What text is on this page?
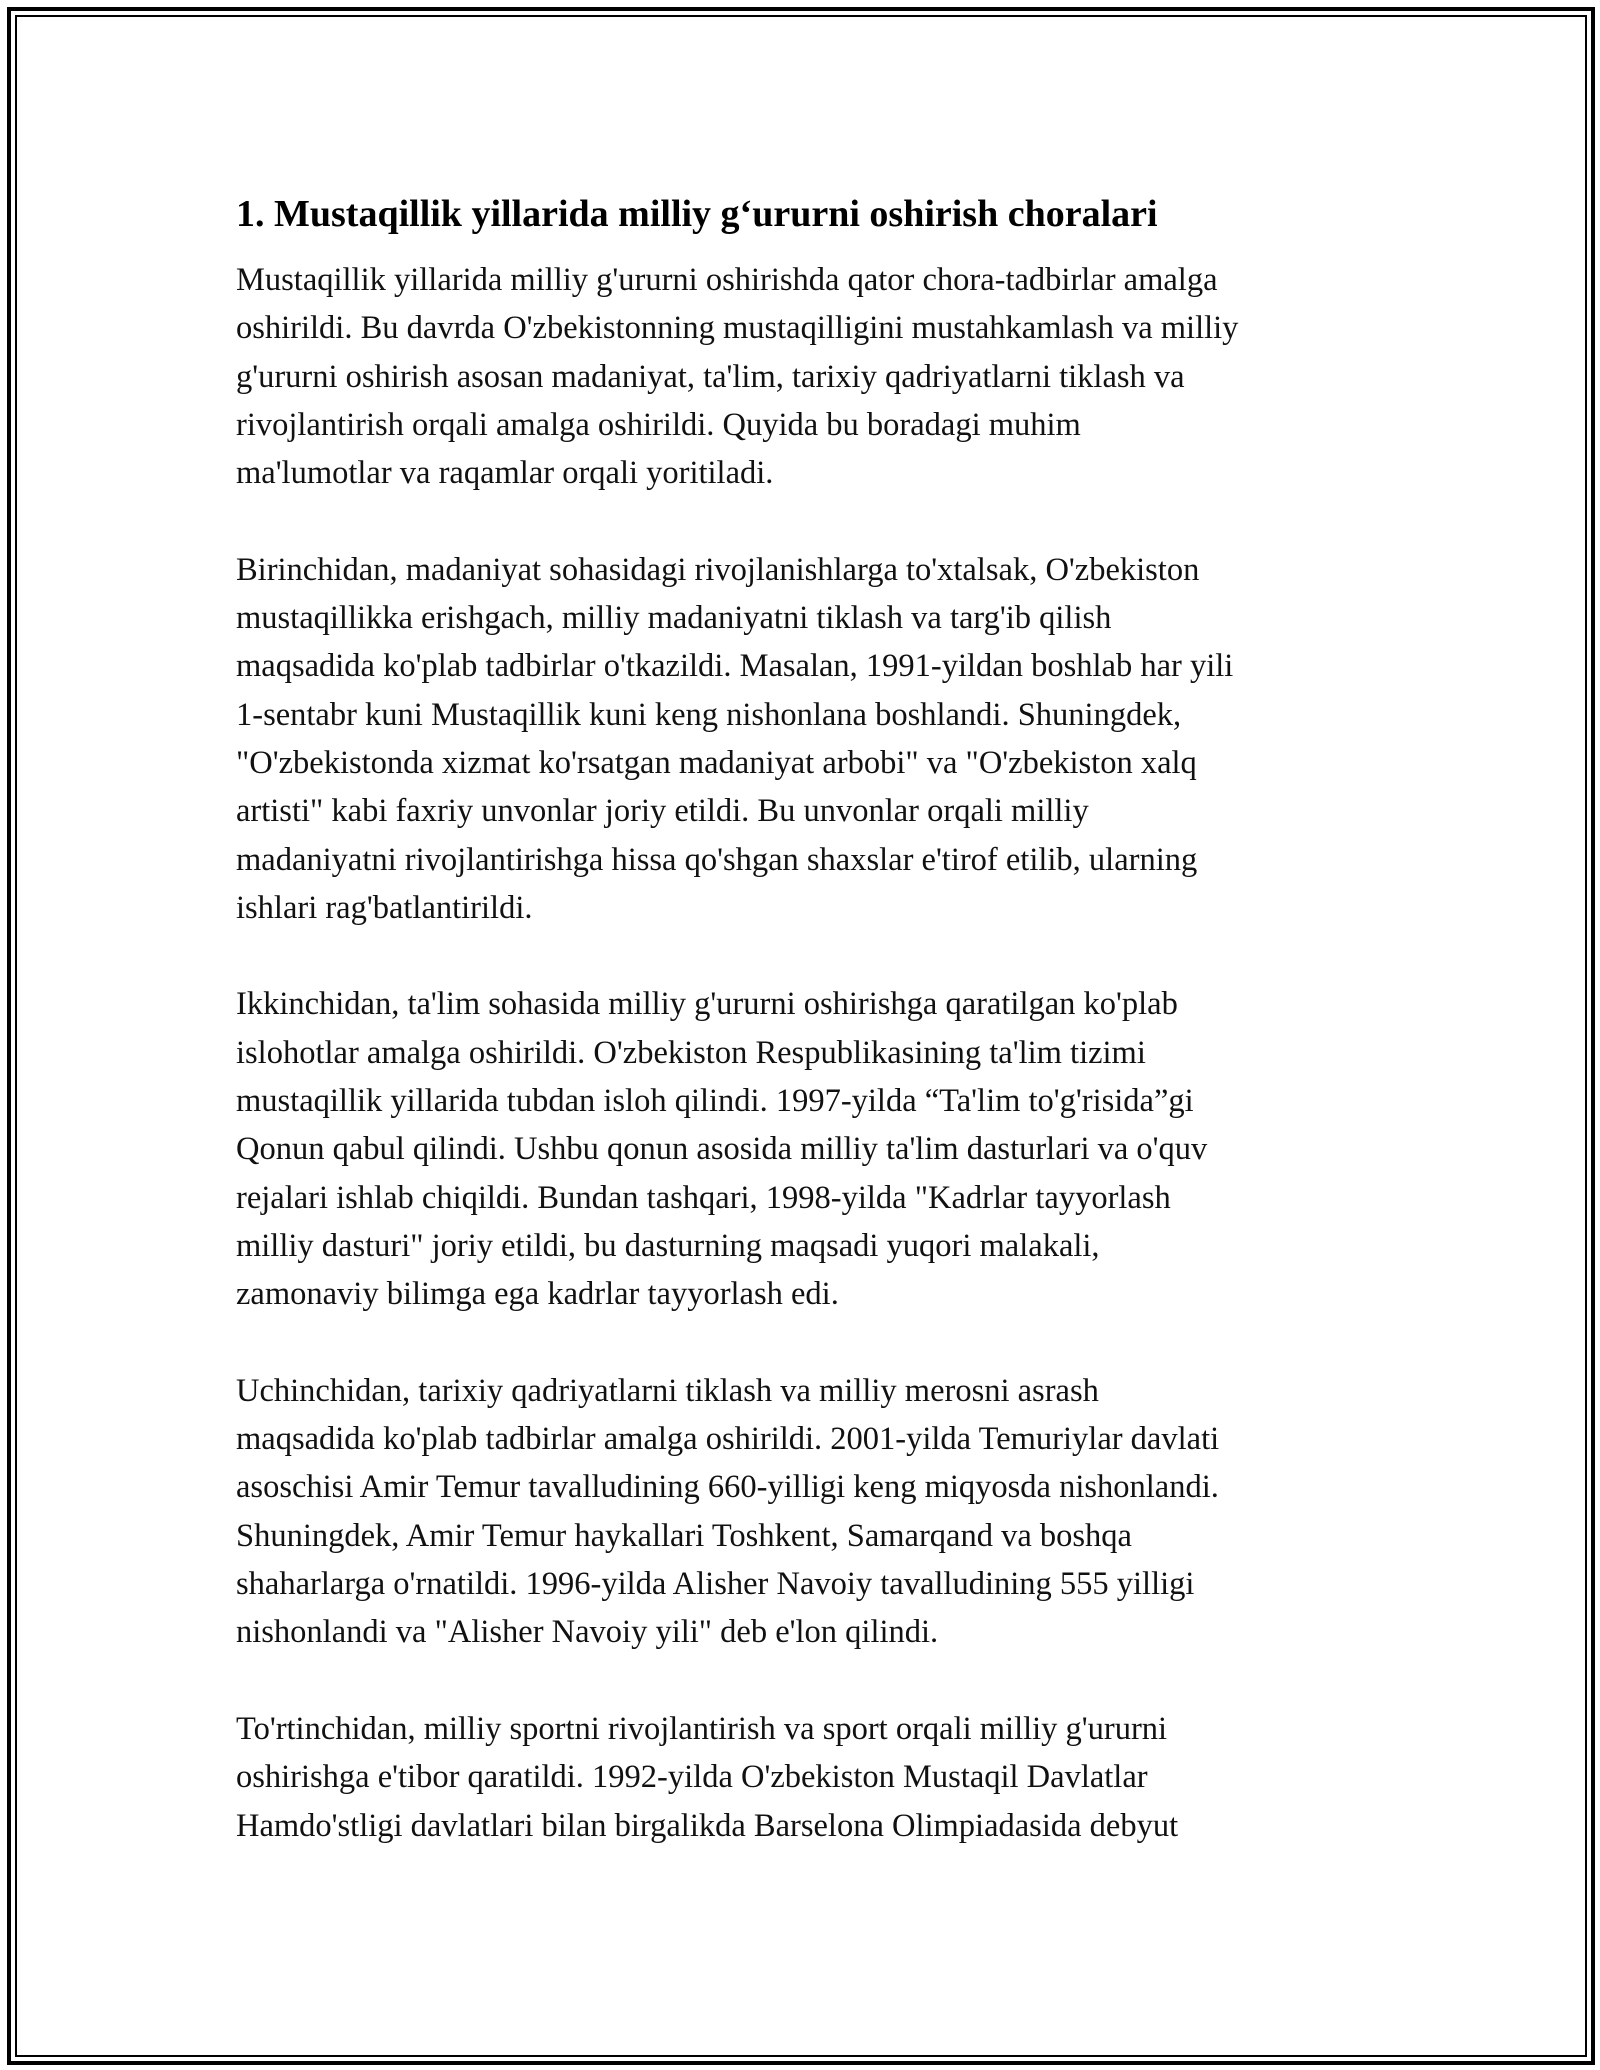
1. Mustaqillik yillarida milliy g‘ururni oshirish choralari

Mustaqillik yillarida milliy g'ururni oshirishda qator chora-tadbirlar amalga
oshirildi. Bu davrda O'zbekistonning mustaqilligini mustahkamlash va milliy
g'ururni oshirish asosan madaniyat, ta'lim, tarixiy qadriyatlarni tiklash va
rivojlantirish orqali amalga oshirildi. Quyida bu boradagi muhim
ma'lumotlar va raqamlar orqali yoritiladi.

Birinchidan, madaniyat sohasidagi rivojlanishlarga to'xtalsak, O'zbekiston
mustaqillikka erishgach, milliy madaniyatni tiklash va targ'ib qilish
maqsadida ko'plab tadbirlar o'tkazildi. Masalan, 1991-yildan boshlab har yili
1-sentabr kuni Mustaqillik kuni keng nishonlana boshlandi. Shuningdek,
"O'zbekistonda xizmat ko'rsatgan madaniyat arbobi" va "O'zbekiston xalq
artisti" kabi faxriy unvonlar joriy etildi. Bu unvonlar orqali milliy
madaniyatni rivojlantirishga hissa qo'shgan shaxslar e'tirof etilib, ularning
ishlari rag'batlantirildi.

Ikkinchidan, ta'lim sohasida milliy g'ururni oshirishga qaratilgan ko'plab
islohotlar amalga oshirildi. O'zbekiston Respublikasining ta'lim tizimi
mustaqillik yillarida tubdan isloh qilindi. 1997-yilda “Ta'lim to'g'risida”gi
Qonun qabul qilindi. Ushbu qonun asosida milliy ta'lim dasturlari va o'quv
rejalari ishlab chiqildi. Bundan tashqari, 1998-yilda "Kadrlar tayyorlash
milliy dasturi" joriy etildi, bu dasturning maqsadi yuqori malakali,
zamonaviy bilimga ega kadrlar tayyorlash edi.

Uchinchidan, tarixiy qadriyatlarni tiklash va milliy merosni asrash
maqsadida ko'plab tadbirlar amalga oshirildi. 2001-yilda Temuriylar davlati
asoschisi Amir Temur tavalludining 660-yilligi keng miqyosda nishonlandi.
Shuningdek, Amir Temur haykallari Toshkent, Samarqand va boshqa
shaharlarga o'rnatildi. 1996-yilda Alisher Navoiy tavalludining 555 yilligi
nishonlandi va "Alisher Navoiy yili" deb e'lon qilindi.

To'rtinchidan, milliy sportni rivojlantirish va sport orqali milliy g'ururni
oshirishga e'tibor qaratildi. 1992-yilda O'zbekiston Mustaqil Davlatlar
Hamdo'stligi davlatlari bilan birgalikda Barselona Olimpiadasida debyut
